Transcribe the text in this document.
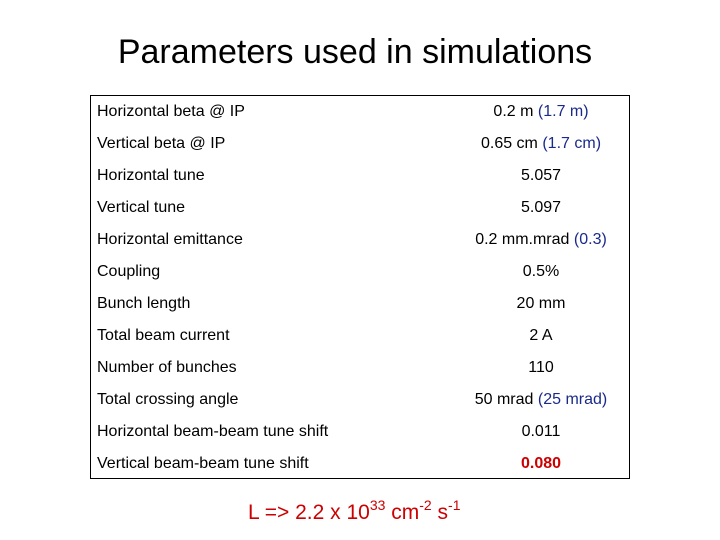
Parameters used in simulations
Horizontal beta @ IP	0.2 m (1.7 m)
Vertical beta @ IP	0.65 cm (1.7 cm)
Horizontal tune	5.057
Vertical tune	5.097
Horizontal emittance	0.2 mm.mrad (0.3)
Coupling	0.5%
Bunch length	20 mm
Total beam current	2 A
Number of bunches	110
Total crossing angle	50 mrad (25 mrad)
Horizontal beam-beam tune shift	0.011
Vertical beam-beam tune shift	0.080
L => 2.2 x $10^{33}$ $cm^{-2}$ $s^{-1}$
